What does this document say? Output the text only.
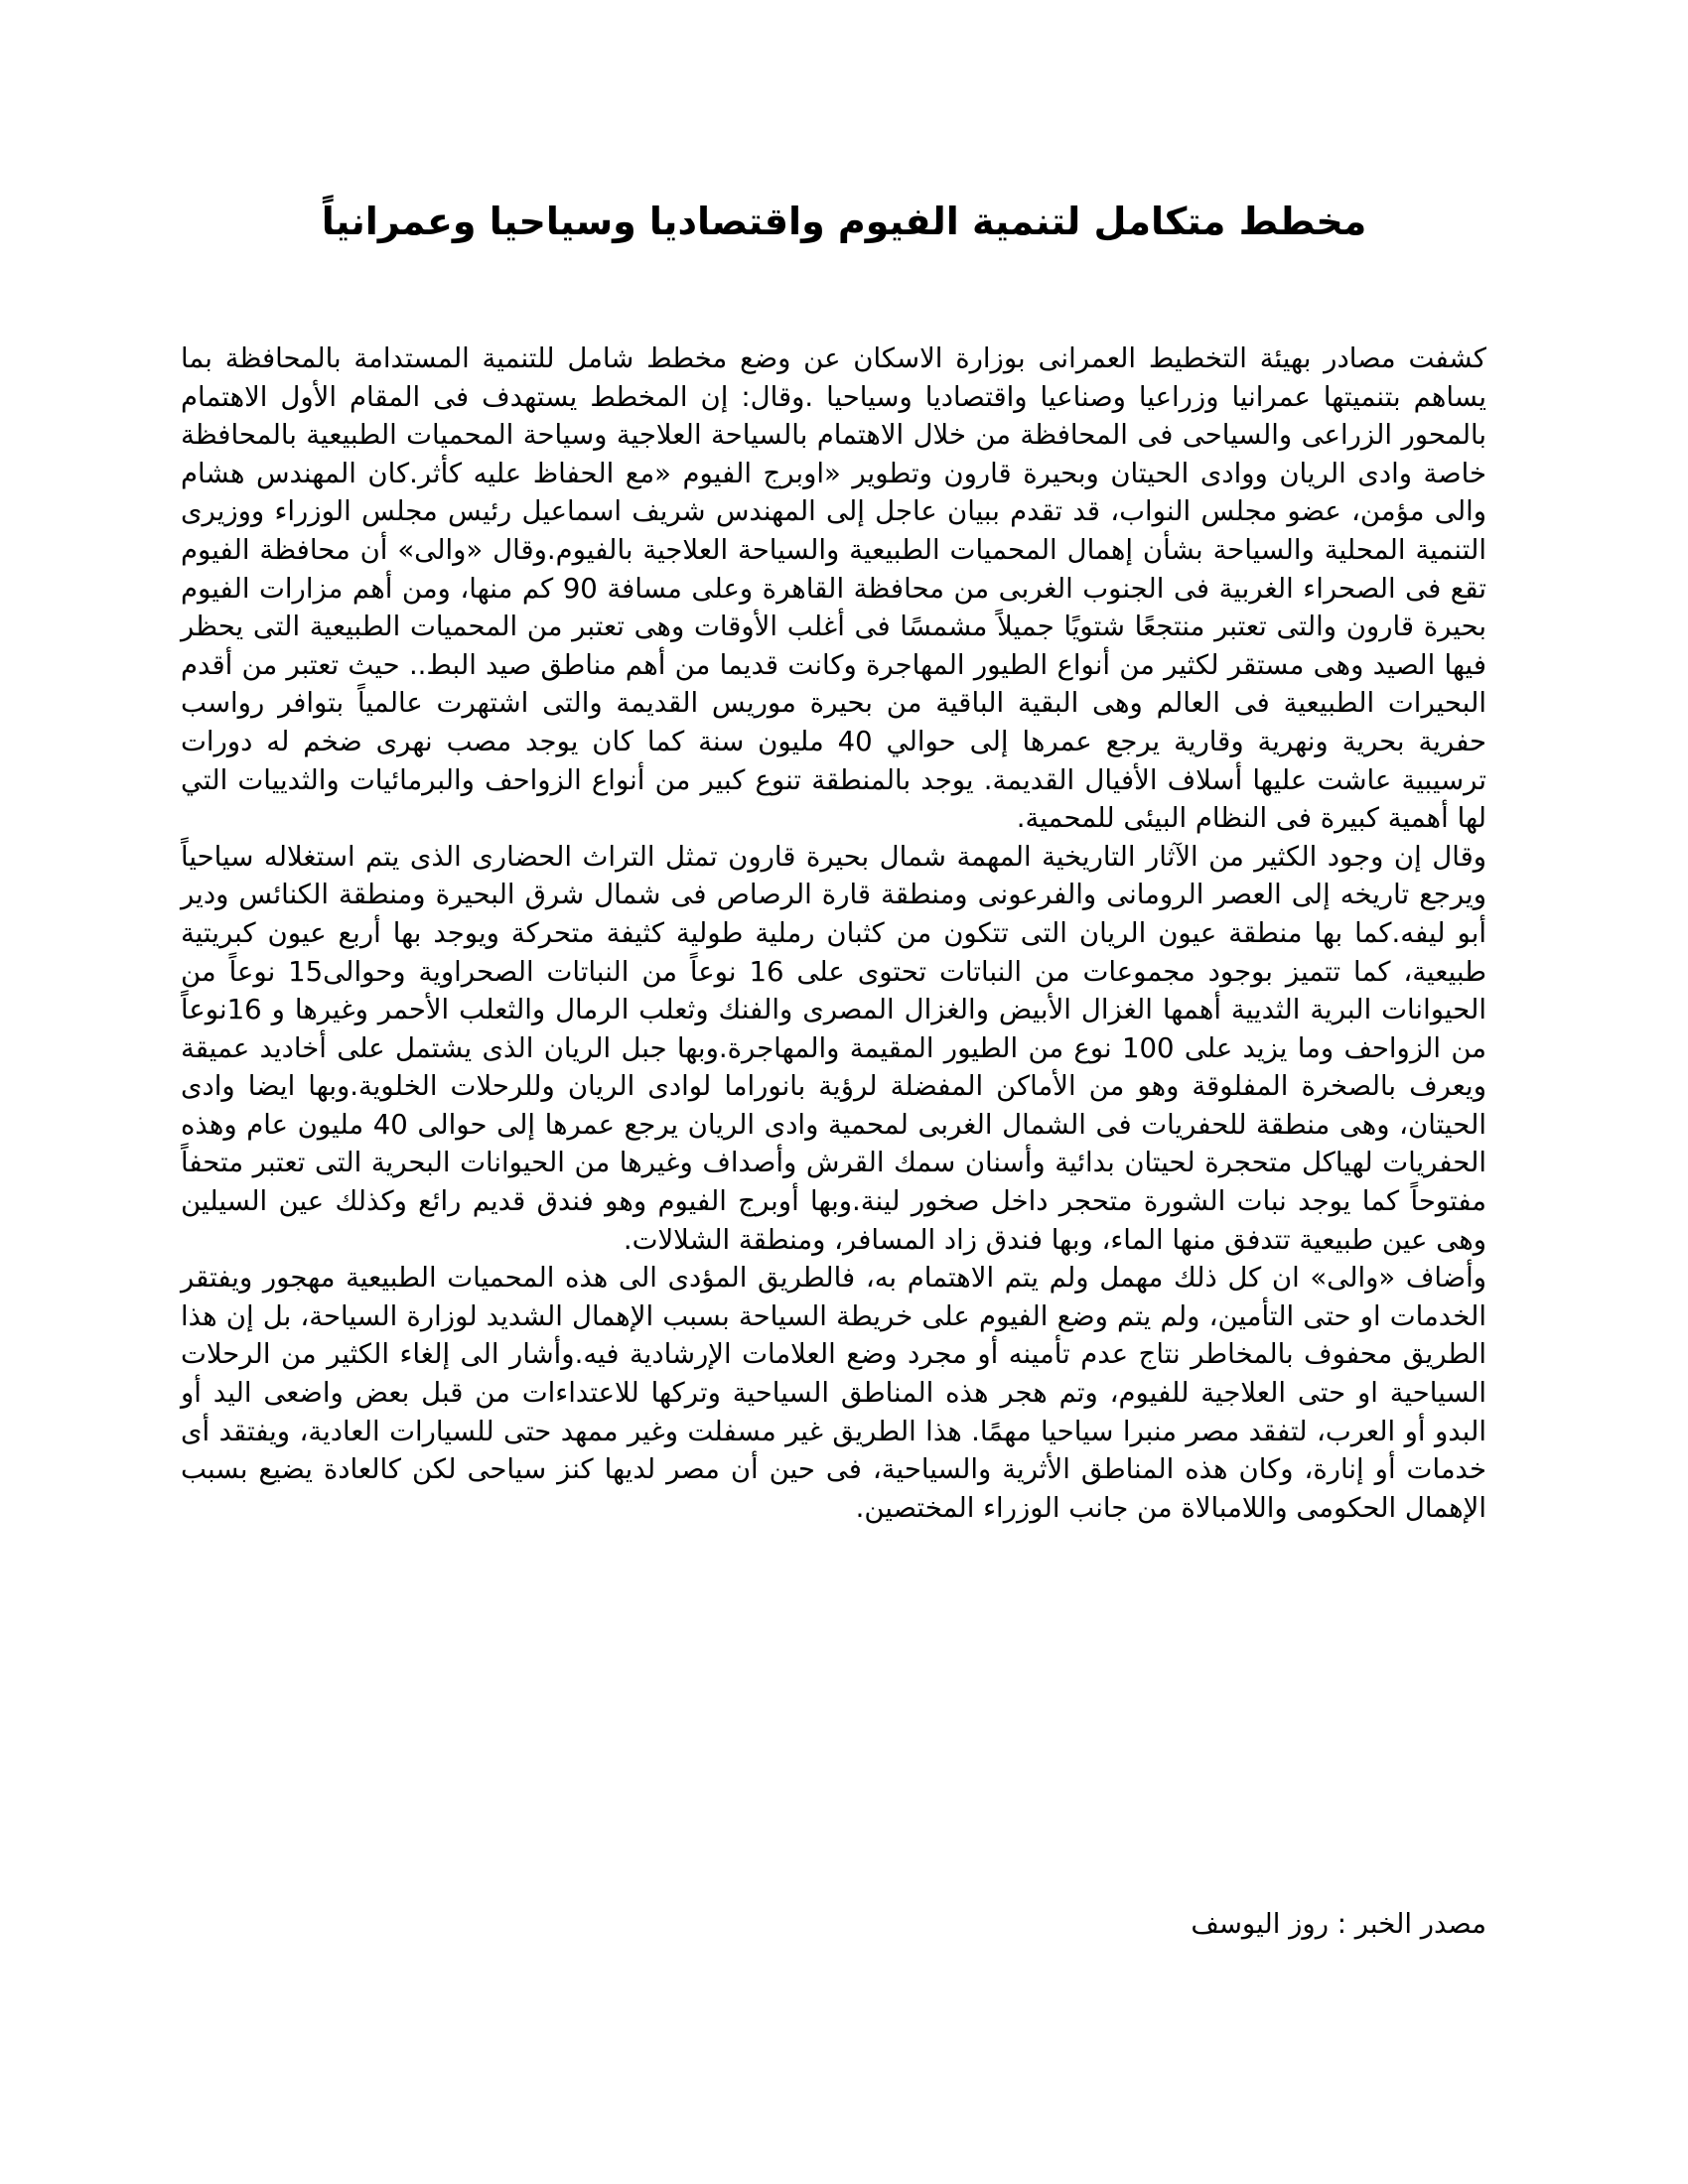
مخطط متكامل لتنمية الفيوم واقتصاديا وسياحيا وعمرانياً

كشفت مصادر بهيئة التخطيط العمرانى بوزارة الاسكان عن وضع مخطط شامل للتنمية المستدامة بالمحافظة بما يساهم بتنميتها عمرانيا وزراعيا وصناعيا واقتصاديا وسياحيا .وقال: إن المخطط يستهدف فى المقام الأول الاهتمام بالمحور الزراعى والسياحى فى المحافظة من خلال الاهتمام بالسياحة العلاجية وسياحة المحميات الطبيعية بالمحافظة خاصة وادى الريان ووادى الحيتان وبحيرة قارون وتطوير «اوبرج الفيوم «مع الحفاظ عليه كأثر.كان المهندس هشام والى مؤمن، عضو مجلس النواب، قد تقدم ببيان عاجل إلى المهندس شريف اسماعيل رئيس مجلس الوزراء ووزيرى التنمية المحلية والسياحة بشأن إهمال المحميات الطبيعية والسياحة العلاجية بالفيوم.وقال «والى» أن محافظة الفيوم تقع فى الصحراء الغربية فى الجنوب الغربى من محافظة القاهرة وعلى مسافة 90 كم منها، ومن أهم مزارات الفيوم بحيرة قارون والتى تعتبر منتجعًا شتويًا جميلاً مشمسًا فى أغلب الأوقات وهى تعتبر من المحميات الطبيعية التى يحظر فيها الصيد وهى مستقر لكثير من أنواع الطيور المهاجرة وكانت قديما من أهم مناطق صيد البط.. حيث تعتبر من أقدم البحيرات الطبيعية فى العالم وهى البقية الباقية من بحيرة موريس القديمة والتى اشتهرت عالمياً بتوافر رواسب حفرية بحرية ونهرية وقارية يرجع عمرها إلى حوالي 40 مليون سنة كما كان يوجد مصب نهرى ضخم له دورات ترسيبية عاشت عليها أسلاف الأفيال القديمة. يوجد بالمنطقة تنوع كبير من أنواع الزواحف والبرمائيات والثدييات التي لها أهمية كبيرة فى النظام البيئى للمحمية.

وقال إن وجود الكثير من الآثار التاريخية المهمة شمال بحيرة قارون تمثل التراث الحضارى الذى يتم استغلاله سياحياً ويرجع تاريخه إلى العصر الرومانى والفرعونى ومنطقة قارة الرصاص فى شمال شرق البحيرة ومنطقة الكنائس ودير أبو ليفه.كما بها منطقة عيون الريان التى تتكون من كثبان رملية طولية كثيفة متحركة ويوجد بها أربع عيون كبريتية طبيعية، كما تتميز بوجود مجموعات من النباتات تحتوى على 16 نوعاً من النباتات الصحراوية وحوالى15 نوعاً من الحيوانات البرية الثديية أهمها الغزال الأبيض والغزال المصرى والفنك وثعلب الرمال والثعلب الأحمر وغيرها و 16نوعاً من الزواحف وما يزيد على 100 نوع من الطيور المقيمة والمهاجرة.وبها جبل الريان الذى يشتمل على أخاديد عميقة ويعرف بالصخرة المفلوقة وهو من الأماكن المفضلة لرؤية بانوراما لوادى الريان وللرحلات الخلوية.وبها ايضا وادى الحيتان، وهى منطقة للحفريات فى الشمال الغربى لمحمية وادى الريان يرجع عمرها إلى حوالى 40 مليون عام وهذه الحفريات لهياكل متحجرة لحيتان بدائية وأسنان سمك القرش وأصداف وغيرها من الحيوانات البحرية التى تعتبر متحفاً مفتوحاً كما يوجد نبات الشورة متحجر داخل صخور لينة.وبها أوبرج الفيوم وهو فندق قديم رائع وكذلك عين السيلين وهى عين طبيعية تتدفق منها الماء، وبها فندق زاد المسافر، ومنطقة الشلالات.

وأضاف «والى» ان كل ذلك مهمل ولم يتم الاهتمام به، فالطريق المؤدى الى هذه المحميات الطبيعية مهجور ويفتقر الخدمات او حتى التأمين، ولم يتم وضع الفيوم على خريطة السياحة بسبب الإهمال الشديد لوزارة السياحة، بل إن هذا الطريق محفوف بالمخاطر نتاج عدم تأمينه أو مجرد وضع العلامات الإرشادية فيه.وأشار الى إلغاء الكثير من الرحلات السياحية او حتى العلاجية للفيوم، وتم هجر هذه المناطق السياحية وتركها للاعتداءات من قبل بعض واضعى اليد أو البدو أو العرب، لتفقد مصر منبرا سياحيا مهمًا. هذا الطريق غير مسفلت وغير ممهد حتى للسيارات العادية، ويفتقد أى خدمات أو إنارة، وكان هذه المناطق الأثرية والسياحية، فى حين أن مصر لديها كنز سياحى لكن كالعادة يضيع بسبب الإهمال الحكومى واللامبالاة من جانب الوزراء المختصين.

مصدر الخبر : روز اليوسف
